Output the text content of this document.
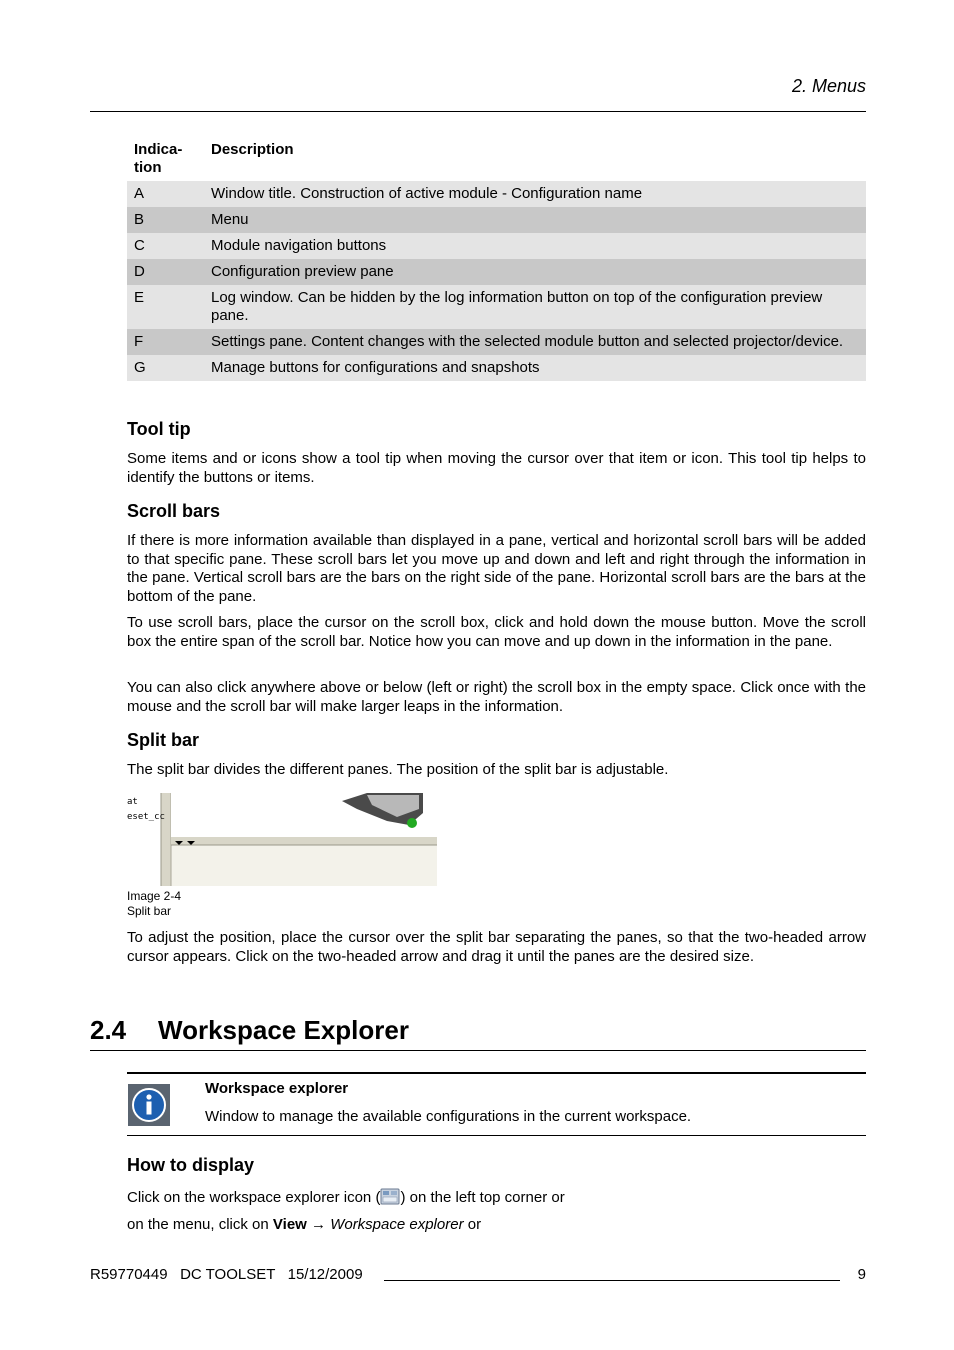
2. Menus
Indica-
tion	Description
A	Window title. Construction of active module - Configuration name
B	Menu
C	Module navigation buttons
D	Configuration preview pane
E	Log window. Can be hidden by the log information button on top of the configuration preview pane.
F	Settings pane. Content changes with the selected module button and selected projector/device.
G	Manage buttons for configurations and snapshots
Tool tip
Some items and or icons show a tool tip when moving the cursor over that item or icon. This tool tip helps to identify the buttons or items.
Scroll bars
If there is more information available than displayed in a pane, vertical and horizontal scroll bars will be added to that specific pane. These scroll bars let you move up and down and left and right through the information in the pane. Vertical scroll bars are the bars on the right side of the pane. Horizontal scroll bars are the bars at the bottom of the pane.
To use scroll bars, place the cursor on the scroll box, click and hold down the mouse button. Move the scroll box the entire span of the scroll bar. Notice how you can move and up down in the information in the pane.
You can also click anywhere above or below (left or right) the scroll box in the empty space. Click once with the mouse and the scroll bar will make larger leaps in the information.
Split bar
The split bar divides the different panes. The position of the split bar is adjustable.
at
eset_cc
Image 2-4
Split bar
To adjust the position, place the cursor over the split bar separating the panes, so that the two-headed arrow cursor appears. Click on the two-headed arrow and drag it until the panes are the desired size.
2.4 Workspace Explorer
Workspace explorer
Window to manage the available configurations in the current workspace.
How to display
Click on the workspace explorer icon ( ) on the left top corner or
on the menu, click on View → Workspace explorer or
R59770449   DC TOOLSET   15/12/2009	9
